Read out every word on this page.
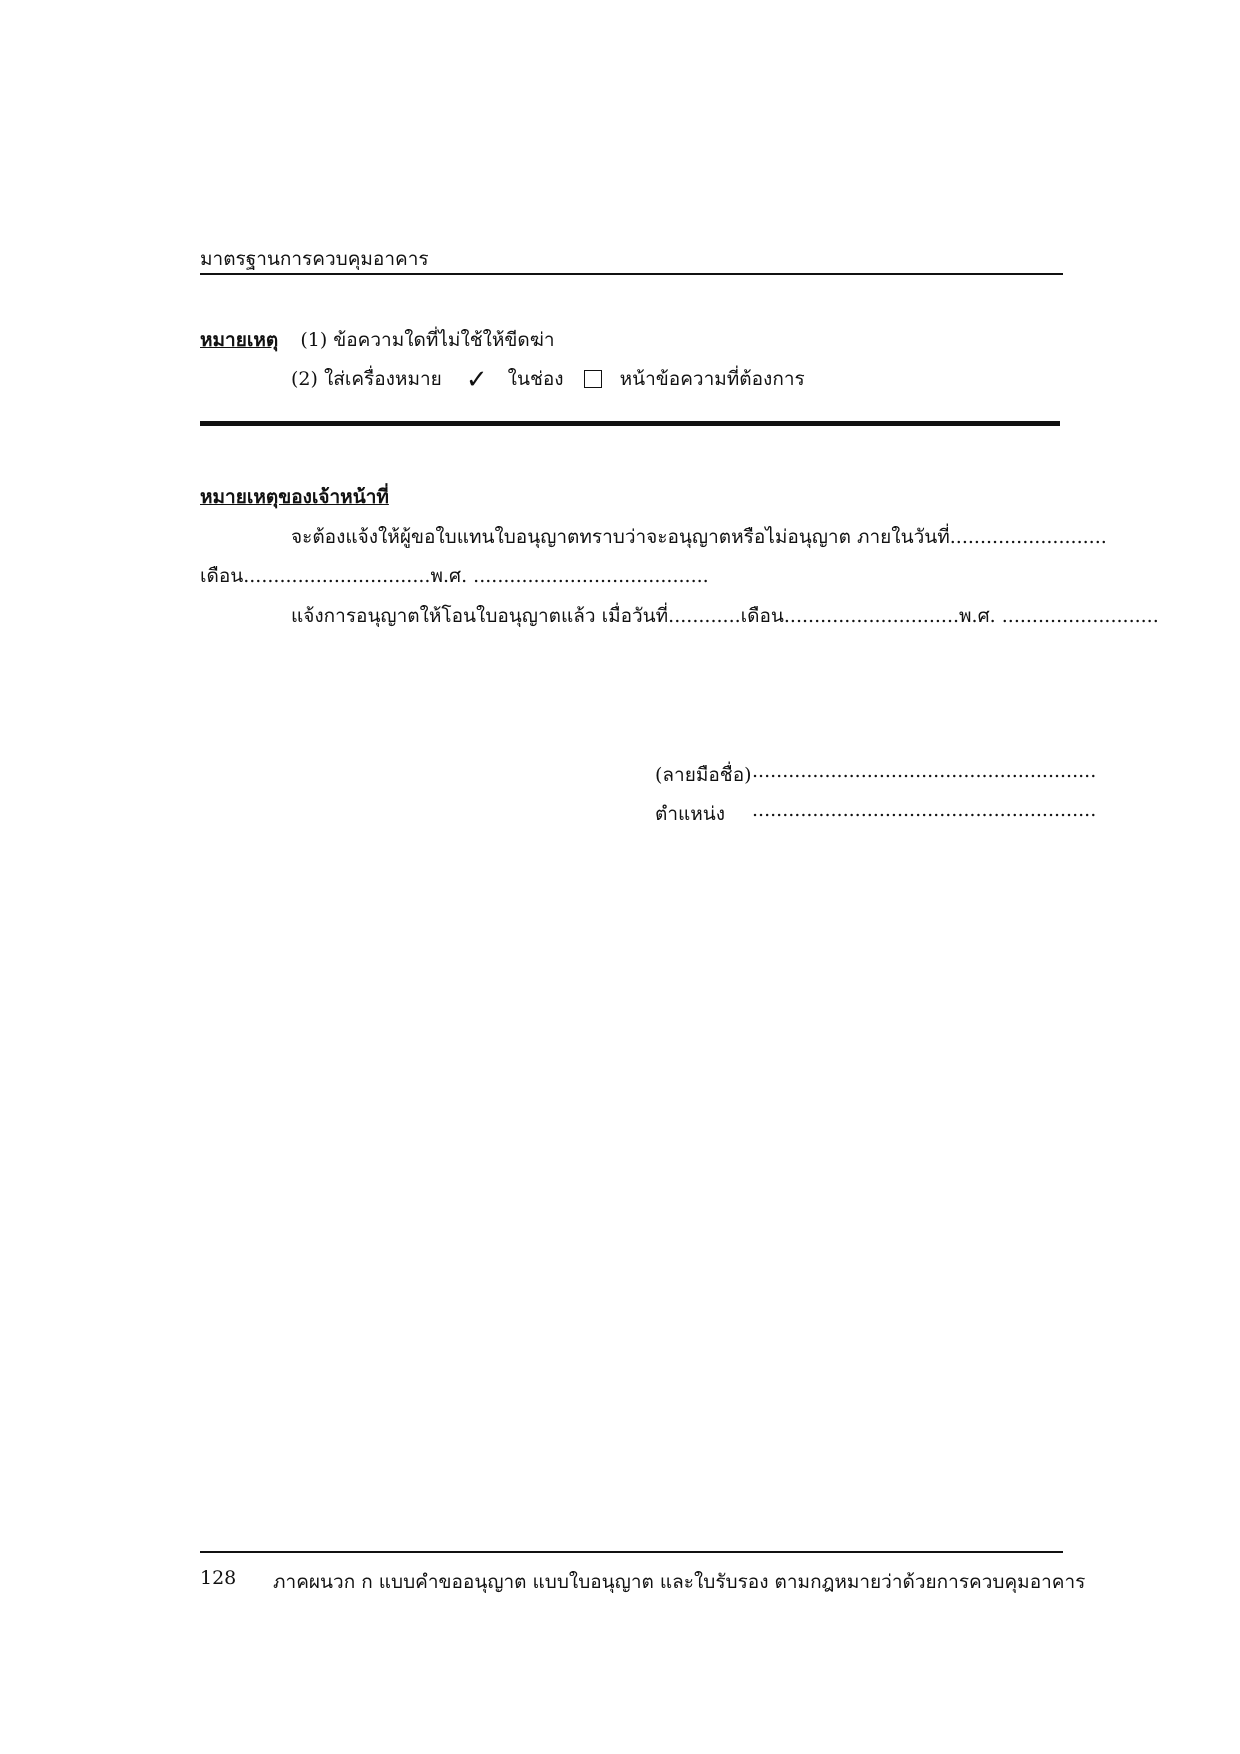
มาตรฐานการควบคุมอาคาร
หมายเหตุ (1) ข้อความใดที่ไม่ใช้ให้ขีดฆ่า
(2) ใส่เครื่องหมาย ✓ ในช่อง	หน้าข้อความที่ต้องการ
หมายเหตุของเจ้าหน้าที่
จะต้องแจ้งให้ผู้ขอใบแทนใบอนุญาตทราบว่าจะอนุญาตหรือไม่อนุญาต ภายในวันที่..........................
เดือน...............................พ.ศ. .......................................
แจ้งการอนุญาตให้โอนใบอนุญาตแล้ว เมื่อวันที่............เดือน.............................พ.ศ. ..........................
(ลายมือชื่อ) .........................................................
ตำแหน่ง .........................................................
128 ภาคผนวก ก แบบคำขออนุญาต แบบใบอนุญาต และใบรับรอง ตามกฎหมายว่าด้วยการควบคุมอาคาร
